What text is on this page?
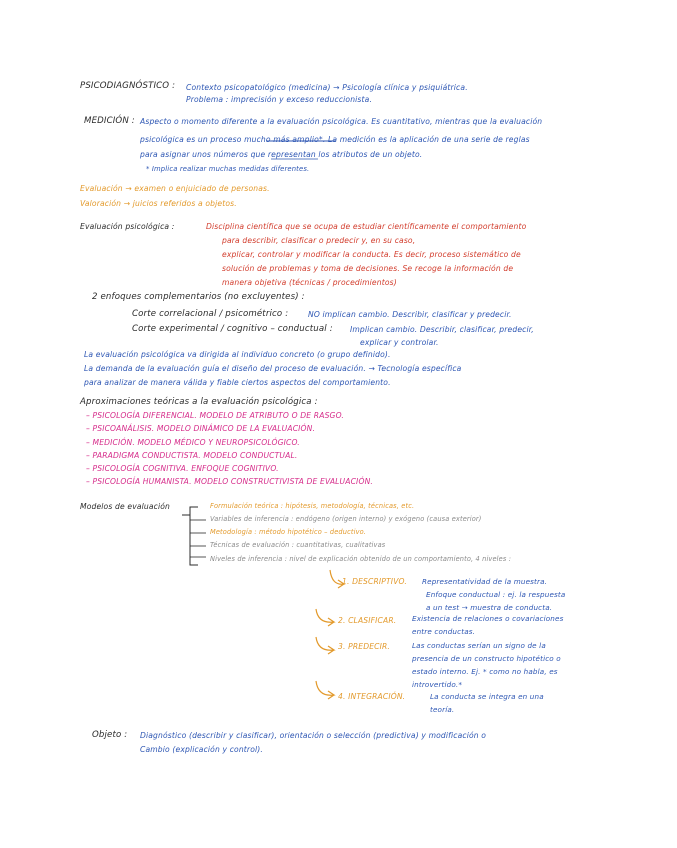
PSICODIAGNÓSTICO : Contexto psicopatológico (medicina) → Psicología clínica y psiquiátrica.
Problema : imprecisión y exceso reduccionista.
MEDICIÓN : Aspecto o momento diferente a la evaluación psicológica. Es cuantitativo, mientras que la evaluación
psicológica es un proceso mucho más amplio*. La medición es la aplicación de una serie de reglas
para asignar unos números que representan los atributos de un objeto.
* Implica realizar muchas medidas diferentes.
Evaluación → examen o enjuiciado de personas.
Valoración → juicios referidos a objetos.
Evaluación psicológica :	Disciplina científica que se ocupa de estudiar científicamente el comportamiento
para describir, clasificar o predecir y, en su caso,
explicar, controlar y modificar la conducta. Es decir, proceso sistemático de
solución de problemas y toma de decisiones. Se recoge la información de
manera objetiva (técnicas / procedimientos)
2 enfoques complementarios (no excluyentes) :
Corte correlacional / psicométrico :	NO implican cambio. Describir, clasificar y predecir.
Corte experimental / cognitivo – conductual : Implican cambio. Describir, clasificar, predecir,
explicar y controlar.
La evaluación psicológica va dirigida al individuo concreto (o grupo definido).
La demanda de la evaluación guía el diseño del proceso de evaluación. → Tecnología específica
para analizar de manera válida y fiable ciertos aspectos del comportamiento.
Aproximaciones teóricas a la evaluación psicológica :
– PSICOLOGÍA DIFERENCIAL. MODELO DE ATRIBUTO O DE RASGO.
– PSICOANÁLISIS. MODELO DINÁMICO DE LA EVALUACIÓN.
– MEDICIÓN. MODELO MÉDICO Y NEUROPSICOLÓGICO.
– PARADIGMA CONDUCTISTA. MODELO CONDUCTUAL.
– PSICOLOGÍA COGNITIVA. ENFOQUE COGNITIVO.
– PSICOLOGÍA HUMANISTA. MODELO CONSTRUCTIVISTA DE EVALUACIÓN.
Modelos de evaluación	Formulación teórica : hipótesis, metodología, técnicas, etc.
Variables de inferencia : endógeno (origen interno) y exógeno (causa exterior)
Metodología : método hipotético – deductivo.
Técnicas de evaluación : cuantitativas, cualitativas
Niveles de inferencia : nivel de explicación obtenido de un comportamiento, 4 niveles :
1. DESCRIPTIVO. Representatividad de la muestra.
Enfoque conductual : ej. la respuesta
a un test → muestra de conducta.
2. CLASIFICAR. Existencia de relaciones o covariaciones
entre conductas.
3. PREDECIR.	Las conductas serían un signo de la
presencia de un constructo hipotético o
estado interno. Ej. * como no habla, es
introvertido.*
4. INTEGRACIÓN.	La conducta se integra en una
teoría.
Objeto : Diagnóstico (describir y clasificar), orientación o selección (predictiva) y modificación o
Cambio (explicación y control).
